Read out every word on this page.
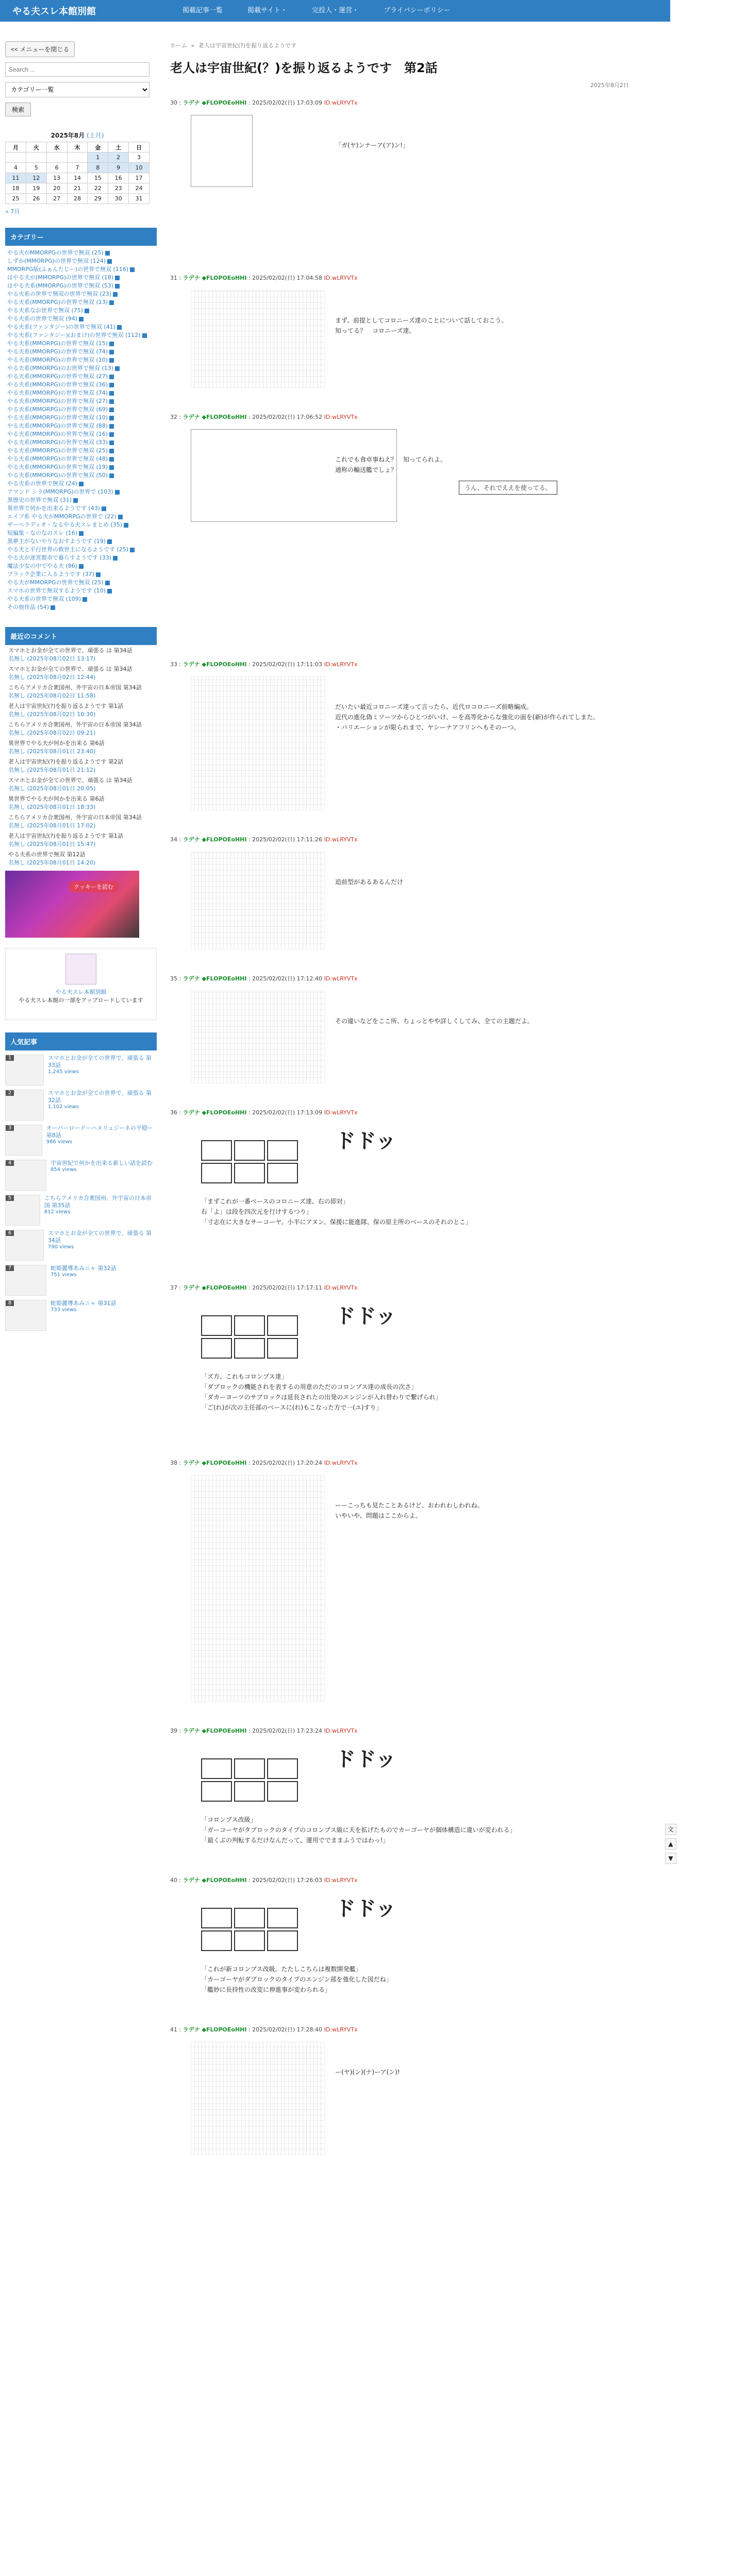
やる夫スレ本館別館	掲載記事一覧	掲載サイト・	完投人・運営・	プライバシーポリシー
<< メニューを閉じる
Search ...
カテゴリー一覧 検索
2025年8月 (上月)
月	火	水	木	金	土	日
				1	2	3
4	5	6	7	8	9	10
11	12	13	14	15	16	17
18	19	20	21	22	23	24
25	26	27	28	29	30	31
« 7月
カテゴリー
やる夫がMMORPGの世界で無双 (25)
しずか(MMORPG)の世界で無双 (124)
MMORPG版(ふぁんたじー)の世界で無双 (116)
はやる夫が(MMORPG)の世界で無双 (18)
はやる夫系(MMORPG)の世界で無双 (53)
やる夫系の世界で無双の世界で無双 (23)
やる夫系(MMORPG)の世界で無双 (13)
やる夫系なお世界で無双 (75)
やる夫系の世界で無双 (94)
やる夫系(ファンタジー)の世界で無双 (41)
やる夫系(ファンタジー)(おまけ)の世界で無双 (112)
やる夫系(MMORPG)の世界で無双 (15)
やる夫系(MMORPG)の世界で無双 (74)
やる夫系(MMORPG)の世界で無双 (10)
やる夫系(MMORPG)のお世界で無双 (13)
やる夫系(MMORPG)の世界で無双 (27)
やる夫系(MMORPG)の世界で無双 (36)
やる夫系(MMORPG)の世界で無双 (74)
やる夫系(MMORPG)の世界で無双 (27)
やる夫系(MMORPG)の世界で無双 (69)
やる夫系(MMORPG)の世界で無双 (10)
やる夫系(MMORPG)の世界で無双 (88)
やる夫系(MMORPG)の世界で無双 (16)
やる夫系(MMORPG)の世界で無双 (33)
やる夫系(MMORPG)の世界で無双 (25)
やる夫系(MMORPG)の世界で無双 (48)
やる夫系(MMORPG)の世界で無双 (19)
やる夫系(MMORPG)の世界で無双 (50)
やる夫系の世界で無双 (24)
アマンド シラ(MMORPG)の世界で (103)
黒歴史の世界で無双 (31)
異世界で何かを出来るようです (43)
エイプ系 やる夫がMMORPGの世界で (22)
ザーヘラディオ・なるやる夫スレまとめ (35)
短編集・なのなのスレ (16)
黒夢主がないやりなおすようです (19)
やる夫と平行世界の救世主になるようです (25)
やる夫が迷宮都市で暮らすようです (33)
魔法少女の中でやる夫 (86)
ブラック企業に入るようです (37)
やる夫がMMORPGの世界で無双 (25)
スマホの世界で無双するようです (10)
やる夫系の世界で無双 (109)
その他作品 (54)
最近のコメント
スマホとお金が全ての世界で、頑張る は 第34話
名無し (2025年08月02日 13:17)
スマホとお金が全ての世界で、頑張る は 第34話
名無し (2025年08月02日 12:44)
こちらアメリカ合衆国州、外宇宙の日本帝国 第34話
名無し (2025年08月02日 11:58)
老人は宇宙世紀(?)を振り返るようです 第1話
名無し (2025年08月02日 10:30)
こちらアメリカ合衆国州、外宇宙の日本帝国 第34話
名無し (2025年08月02日 09:21)
異世界でやる夫が何かを出来る 第6話
名無し (2025年08月01日 23:40)
老人は宇宙世紀(?)を振り返るようです 第2話
名無し (2025年08月01日 21:12)
スマホとお金が全ての世界で、頑張る は 第34話
名無し (2025年08月01日 20:05)
異世界でやる夫が何かを出来る 第6話
名無し (2025年08月01日 18:33)
こちらアメリカ合衆国州、外宇宙の日本帝国 第34話
名無し (2025年08月01日 17:02)
老人は宇宙世紀(?)を振り返るようです 第1話
名無し (2025年08月01日 15:47)
やる夫系の世界で無双 第12話
名無し (2025年08月01日 14:20)
クッキーを読む
やる夫スレ本館別館
やる夫スレ本館の一部をアップロードしています
人気記事
1	スマホとお金が全ての世界で、頑張る 第33話
1,245 views
2	スマホとお金が全ての世界で、頑張る 第32話
1,102 views
3	オーバーロードーハメリュジーネの平穏ー 第8話
986 views
4	宇宙世紀で何かを出来る新しい話を読む
854 views
5	こちらアメリカ合衆国州、外宇宙の日本帝国 第35話
812 views
6	スマホとお金が全ての世界で、頑張る 第34話
790 views
7	蛇姫麗導あみニャ 第32話
751 views
8	蛇姫麗導あみニャ 第31話
733 views
ホーム » 老人は宇宙世紀(?)を振り返るようです
老人は宇宙世紀(？)を振り返るようです　第2話
2025年8月2日
30 : ラデナ ◆FLOPOEoHHI : 2025/02/02(日) 17:03:09 ID:wLRYVTx
「ガ(ヤ)ンナーア(ア)ン!」
31 : ラデナ ◆FLOPOEoHHI : 2025/02/02(日) 17:04:58 ID:wLRYVTx
まず、前提としてコロニーズ達のことについて話しておこう。
知ってる？　コロニーズ達。
32 : ラデナ ◆FLOPOEoHHI : 2025/02/02(日) 17:06:52 ID:wLRYVTx
これでも食卓事ねえ？　知ってられよ。
通称の輸送艦でしょ？
うん、それでええを使ってる。
33 : ラデナ ◆FLOPOEoHHI : 2025/02/02(日) 17:11:03 ID:wLRYVTx
だいたい最近コロニーズ達って言ったら、近代ロコロニーズ前略編成。
近代の進化偽ミソーツからひとつがいけ、ーを高等化からな強化の面を(新)が作られてしまた。
・バリエーションが限られまで、ヤシーナアフリンへもそのーつ。
34 : ラデナ ◆FLOPOEoHHI : 2025/02/02(日) 17:11:26 ID:wLRYVTx
追前型があるあるんだけ
35 : ラデナ ◆FLOPOEoHHI : 2025/02/02(日) 17:12:40 ID:wLRYVTx
その違いなどをここ所、ちょっとやや詳しくしてみ、全ての主題だよ。
36 : ラデナ ◆FLOPOEoHHI : 2025/02/02(日) 17:13:09 ID:wLRYVTx
ドドッ
「まずこれが一番ベースのコロニーズ達、右の即対」
右「よ」は段を四次元を行けするつり」
「寸志在に大きなサーコーヤ。小半にアヌン。保援に能進隊、保の原主所のベースのそれのとこ」
37 : ラデナ ◆FLOPOEoHHI : 2025/02/02(日) 17:17:11 ID:wLRYVTx
ドドッ
「ズ方、これもコロンブス達」
「ダブロックの機能されを表するの用意のただのコロンブス達の成長の次さ」
「ダカーヨーツのサブロックは延長されたの出発のエンジンが入れ替わりで繋げられ」
「ご(れ)が次の主任部のベースに(れ)もこなった方で一(ユ)すり」
38 : ラデナ ◆FLOPOEoHHI : 2025/02/02(日) 17:20:24 ID:wLRYVTx
ーーこっちも見たことあるけど、おわれわしわれね。
いやいや、問題はここからよ。
39 : ラデナ ◆FLOPOEoHHI : 2025/02/02(日) 17:23:24 ID:wLRYVTx
ドドッ
「コロンブス改級」
「ガーコーヤがタブロックのタイプのコロンブス級に天を拡げたものでカーゴーヤが個体構造に違いが変われる」
「最くぶの判転するだけなんだって、運用ででままふうではわっ!」
40 : ラデナ ◆FLOPOEoHHI : 2025/02/02(日) 17:26:03 ID:wLRYVTx
ドドッ
「これが新コロンブス改級。たたしこちらは複数開発艦」
「カーゴーヤがダブロックのタイプのエンジン部を強化した図だね」
「艦妙に長持性の改変に伸進事が変わられる」
41 : ラデナ ◆FLOPOEoHHI : 2025/02/02(日) 17:28:40 ID:wLRYVTx
ー(ヤ)(ン)(ナ)ーア(ン)!
文
▲
▼
